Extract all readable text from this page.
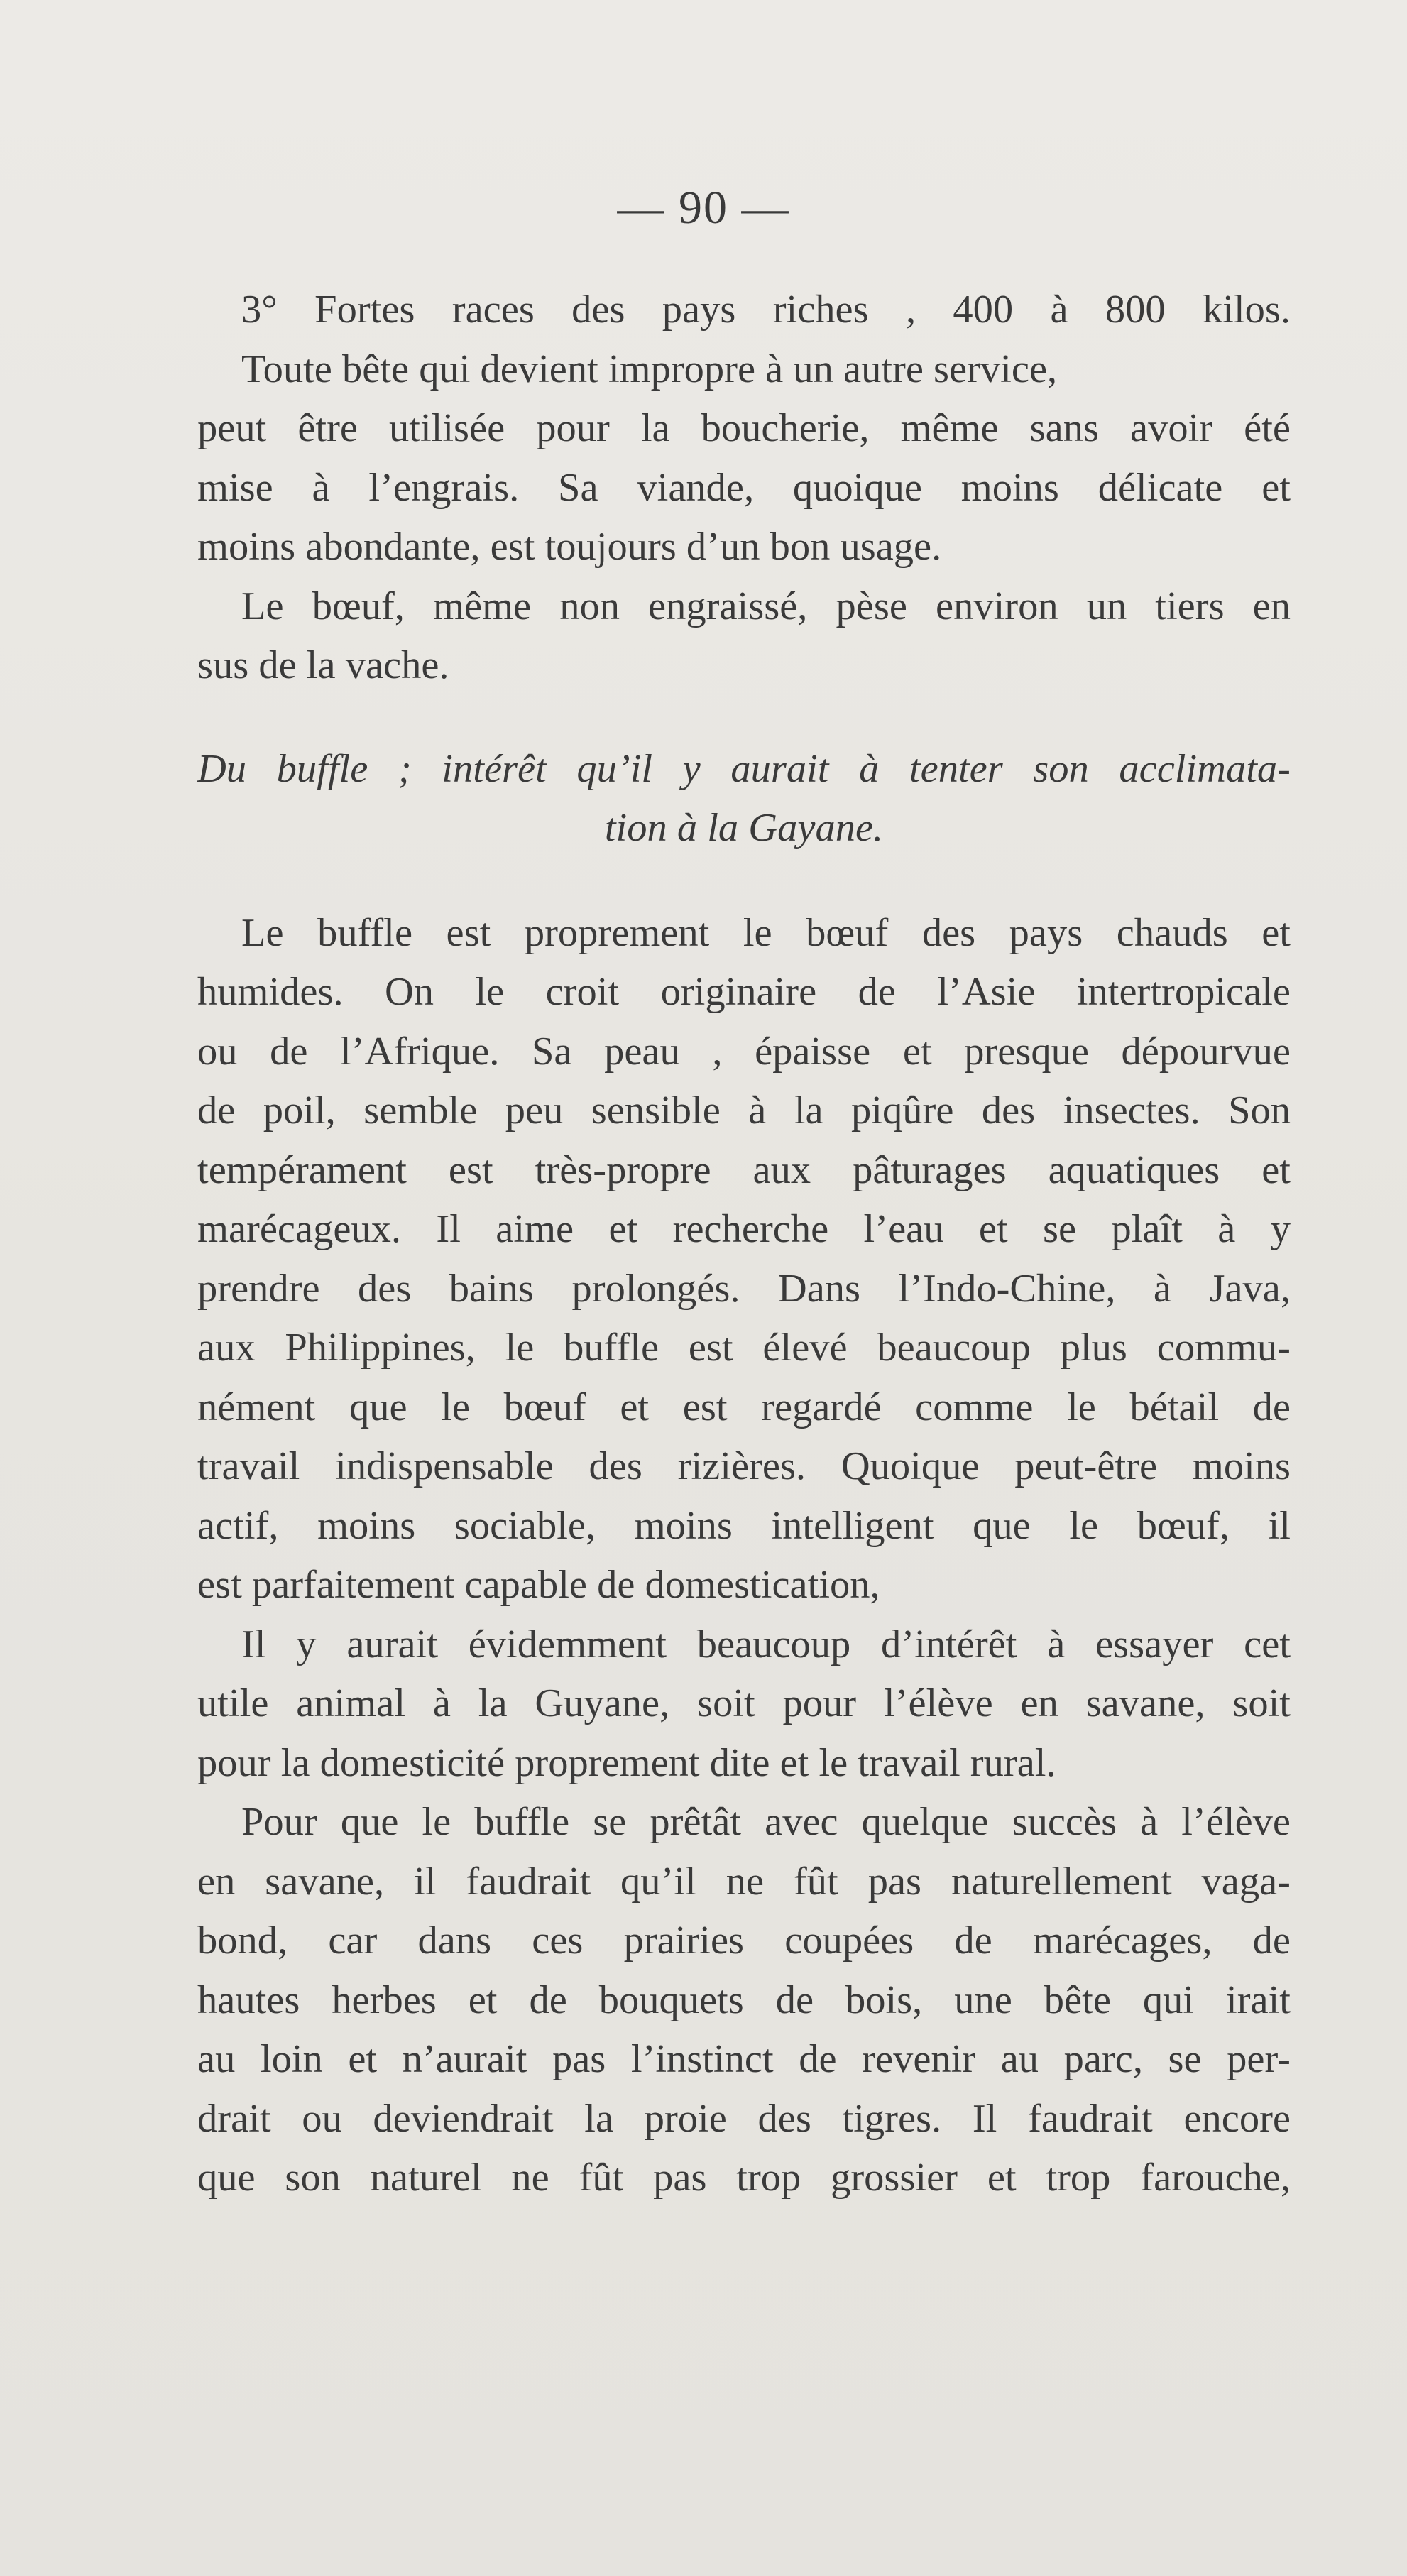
— 90 —
3° Fortes races des pays riches , 400 à 800 kilos.
Toute bête qui devient impropre à un autre service,
peut être utilisée pour la boucherie, même sans avoir été
mise à l’engrais. Sa viande, quoique moins délicate et
moins abondante, est toujours d’un bon usage.
Le bœuf, même non engraissé, pèse environ un tiers en
sus de la vache.
Du buffle ; intérêt qu’il y aurait à tenter son acclimata-
tion à la Gayane.
Le buffle est proprement le bœuf des pays chauds et
humides. On le croit originaire de l’Asie intertropicale
ou de l’Afrique. Sa peau , épaisse et presque dépourvue
de poil, semble peu sensible à la piqûre des insectes. Son
tempérament est très-propre aux pâturages aquatiques et
marécageux. Il aime et recherche l’eau et se plaît à y
prendre des bains prolongés. Dans l’Indo-Chine, à Java,
aux Philippines, le buffle est élevé beaucoup plus commu-
nément que le bœuf et est regardé comme le bétail de
travail indispensable des rizières. Quoique peut-être moins
actif, moins sociable, moins intelligent que le bœuf, il
est parfaitement capable de domestication,
Il y aurait évidemment beaucoup d’intérêt à essayer cet
utile animal à la Guyane, soit pour l’élève en savane, soit
pour la domesticité proprement dite et le travail rural.
Pour que le buffle se prêtât avec quelque succès à l’élève
en savane, il faudrait qu’il ne fût pas naturellement vaga-
bond, car dans ces prairies coupées de marécages, de
hautes herbes et de bouquets de bois, une bête qui irait
au loin et n’aurait pas l’instinct de revenir au parc, se per-
drait ou deviendrait la proie des tigres. Il faudrait encore
que son naturel ne fût pas trop grossier et trop farouche,
